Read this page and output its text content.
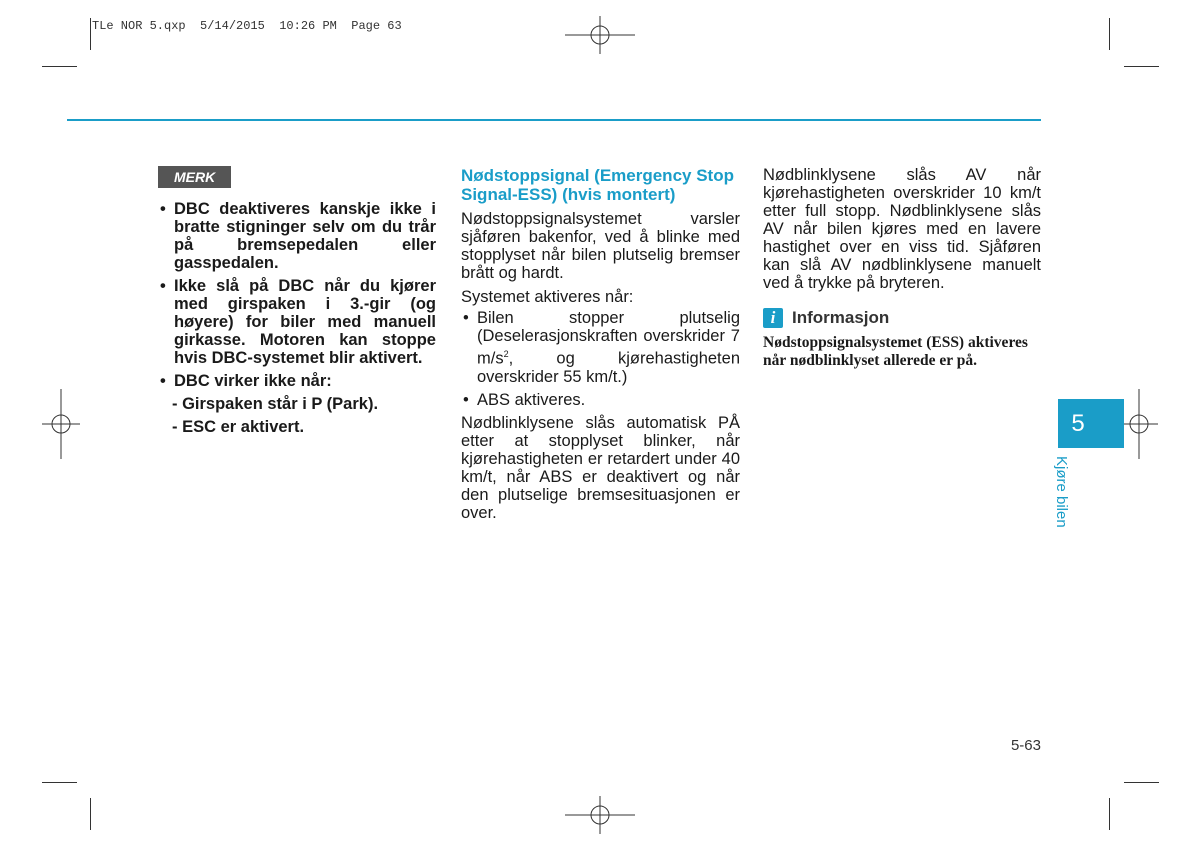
TLe NOR 5.qxp  5/14/2015  10:26 PM  Page 63
MERK
• DBC deaktiveres kanskje ikke i bratte stigninger selv om du trår på bremsepedalen eller gasspedalen.
• Ikke slå på DBC når du kjører med girspaken i 3.-gir (og høyere) for biler med manuell girkasse. Motoren kan stoppe hvis DBC-systemet blir aktivert.
• DBC virker ikke når:
- Girspaken står i P (Park).
- ESC er aktivert.
Nødstoppsignal (Emergency Stop Signal-ESS) (hvis montert)

Nødstoppsignalsystemet varsler sjåføren bakenfor, ved å blinke med stopplyset når bilen plutselig bremser brått og hardt.

Systemet aktiveres når:

• Bilen stopper plutselig (Deselerasjonskraften overskrider 7 $m/s^2$, og kjørehastigheten overskrider 55 km/t.)
• ABS aktiveres.

Nødblinklysene slås automatisk PÅ etter at stopplyset blinker, når kjørehastigheten er retardert under 40 km/t, når ABS er deaktivert og når den plutselige bremsesituasjonen er over.

Nødblinklysene slås AV når kjørehastigheten overskrider 10 km/t etter full stopp. Nødblinklysene slås AV når bilen kjøres med en lavere hastighet over en viss tid. Sjåføren kan slå AV nødblinklysene manuelt ved å trykke på bryteren.

i Informasjon

Nødstoppsignalsystemet (ESS) aktiveres når nødblinklyset allerede er på.

5
Kjøre bilen
5-63
